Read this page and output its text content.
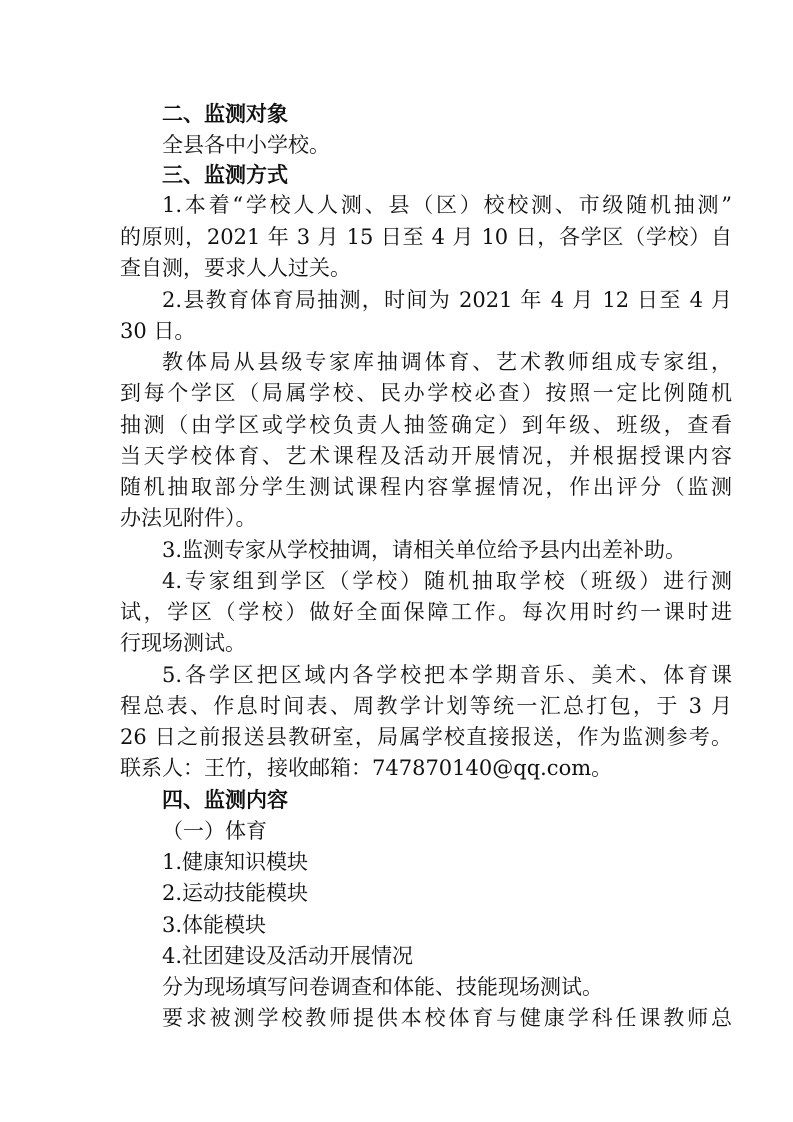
二、监测对象
全县各中小学校。
三、监测方式
1.本着“学校人人测、县（区）校校测、市级随机抽测”
的原则，2021 年 3 月 15 日至 4 月 10 日，各学区（学校）自
查自测，要求人人过关。
2.县教育体育局抽测，时间为 2021 年 4 月 12 日至 4 月
30 日。
教体局从县级专家库抽调体育、艺术教师组成专家组，
到每个学区（局属学校、民办学校必查）按照一定比例随机
抽测（由学区或学校负责人抽签确定）到年级、班级，查看
当天学校体育、艺术课程及活动开展情况，并根据授课内容
随机抽取部分学生测试课程内容掌握情况，作出评分（监测
办法见附件）。
3.监测专家从学校抽调，请相关单位给予县内出差补助。
4.专家组到学区（学校）随机抽取学校（班级）进行测
试，学区（学校）做好全面保障工作。每次用时约一课时进
行现场测试。
5.各学区把区域内各学校把本学期音乐、美术、体育课
程总表、作息时间表、周教学计划等统一汇总打包，于 3 月
26 日之前报送县教研室，局属学校直接报送，作为监测参考。
联系人：王竹，接收邮箱：747870140@qq.com。
四、监测内容
（一）体育
1.健康知识模块
2.运动技能模块
3.体能模块
4.社团建设及活动开展情况
分为现场填写问卷调查和体能、技能现场测试。
要求被测学校教师提供本校体育与健康学科任课教师总
